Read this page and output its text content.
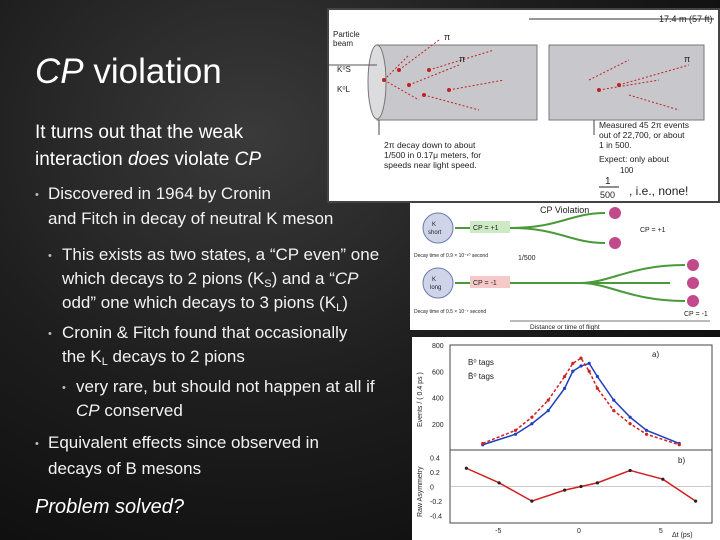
CP violation
It turns out that the weak
interaction does violate CP
• Discovered in 1964 by Cronin
and Fitch in decay of neutral K meson
• This exists as two states, a “CP even” one
which decays to 2 pions $(K_S)$ and a “CP
odd” one which decays to 3 pions $(K_L)$
• Cronin & Fitch found that occasionally
the $K_L$ decays to 2 pions
• very rare, but should not happen at all if
CP conserved
• Equivalent effects since observed in
decays of B mesons
Problem solved?
17.4 m (57 ft)
Particle
beam
K⁰S
K⁰L
π
π	π
2π decay down to about
1/500 in 0.17μ meters, for
speeds near light speed.
Measured 45 2π events
out of 22,700, or about
1 in 500.
Expect: only about
100
1
500 , i.e., none!
CP Violation
K
short
K
long
CP = +1
CP = -1
1/500
CP = +1
CP = -1
Decay time of 0.9 × 10⁻¹⁰ second
Decay time of 0.5 × 10⁻⁷ second
Distance or time of flight
a)
b)
Events / ( 0.4 ps )
Raw Asymmetry
B⁰ tags
B̄⁰ tags
Δt (ps)
800
600
400
200
0.4
0.2
0
-0.2
-0.4
-5	0	5
